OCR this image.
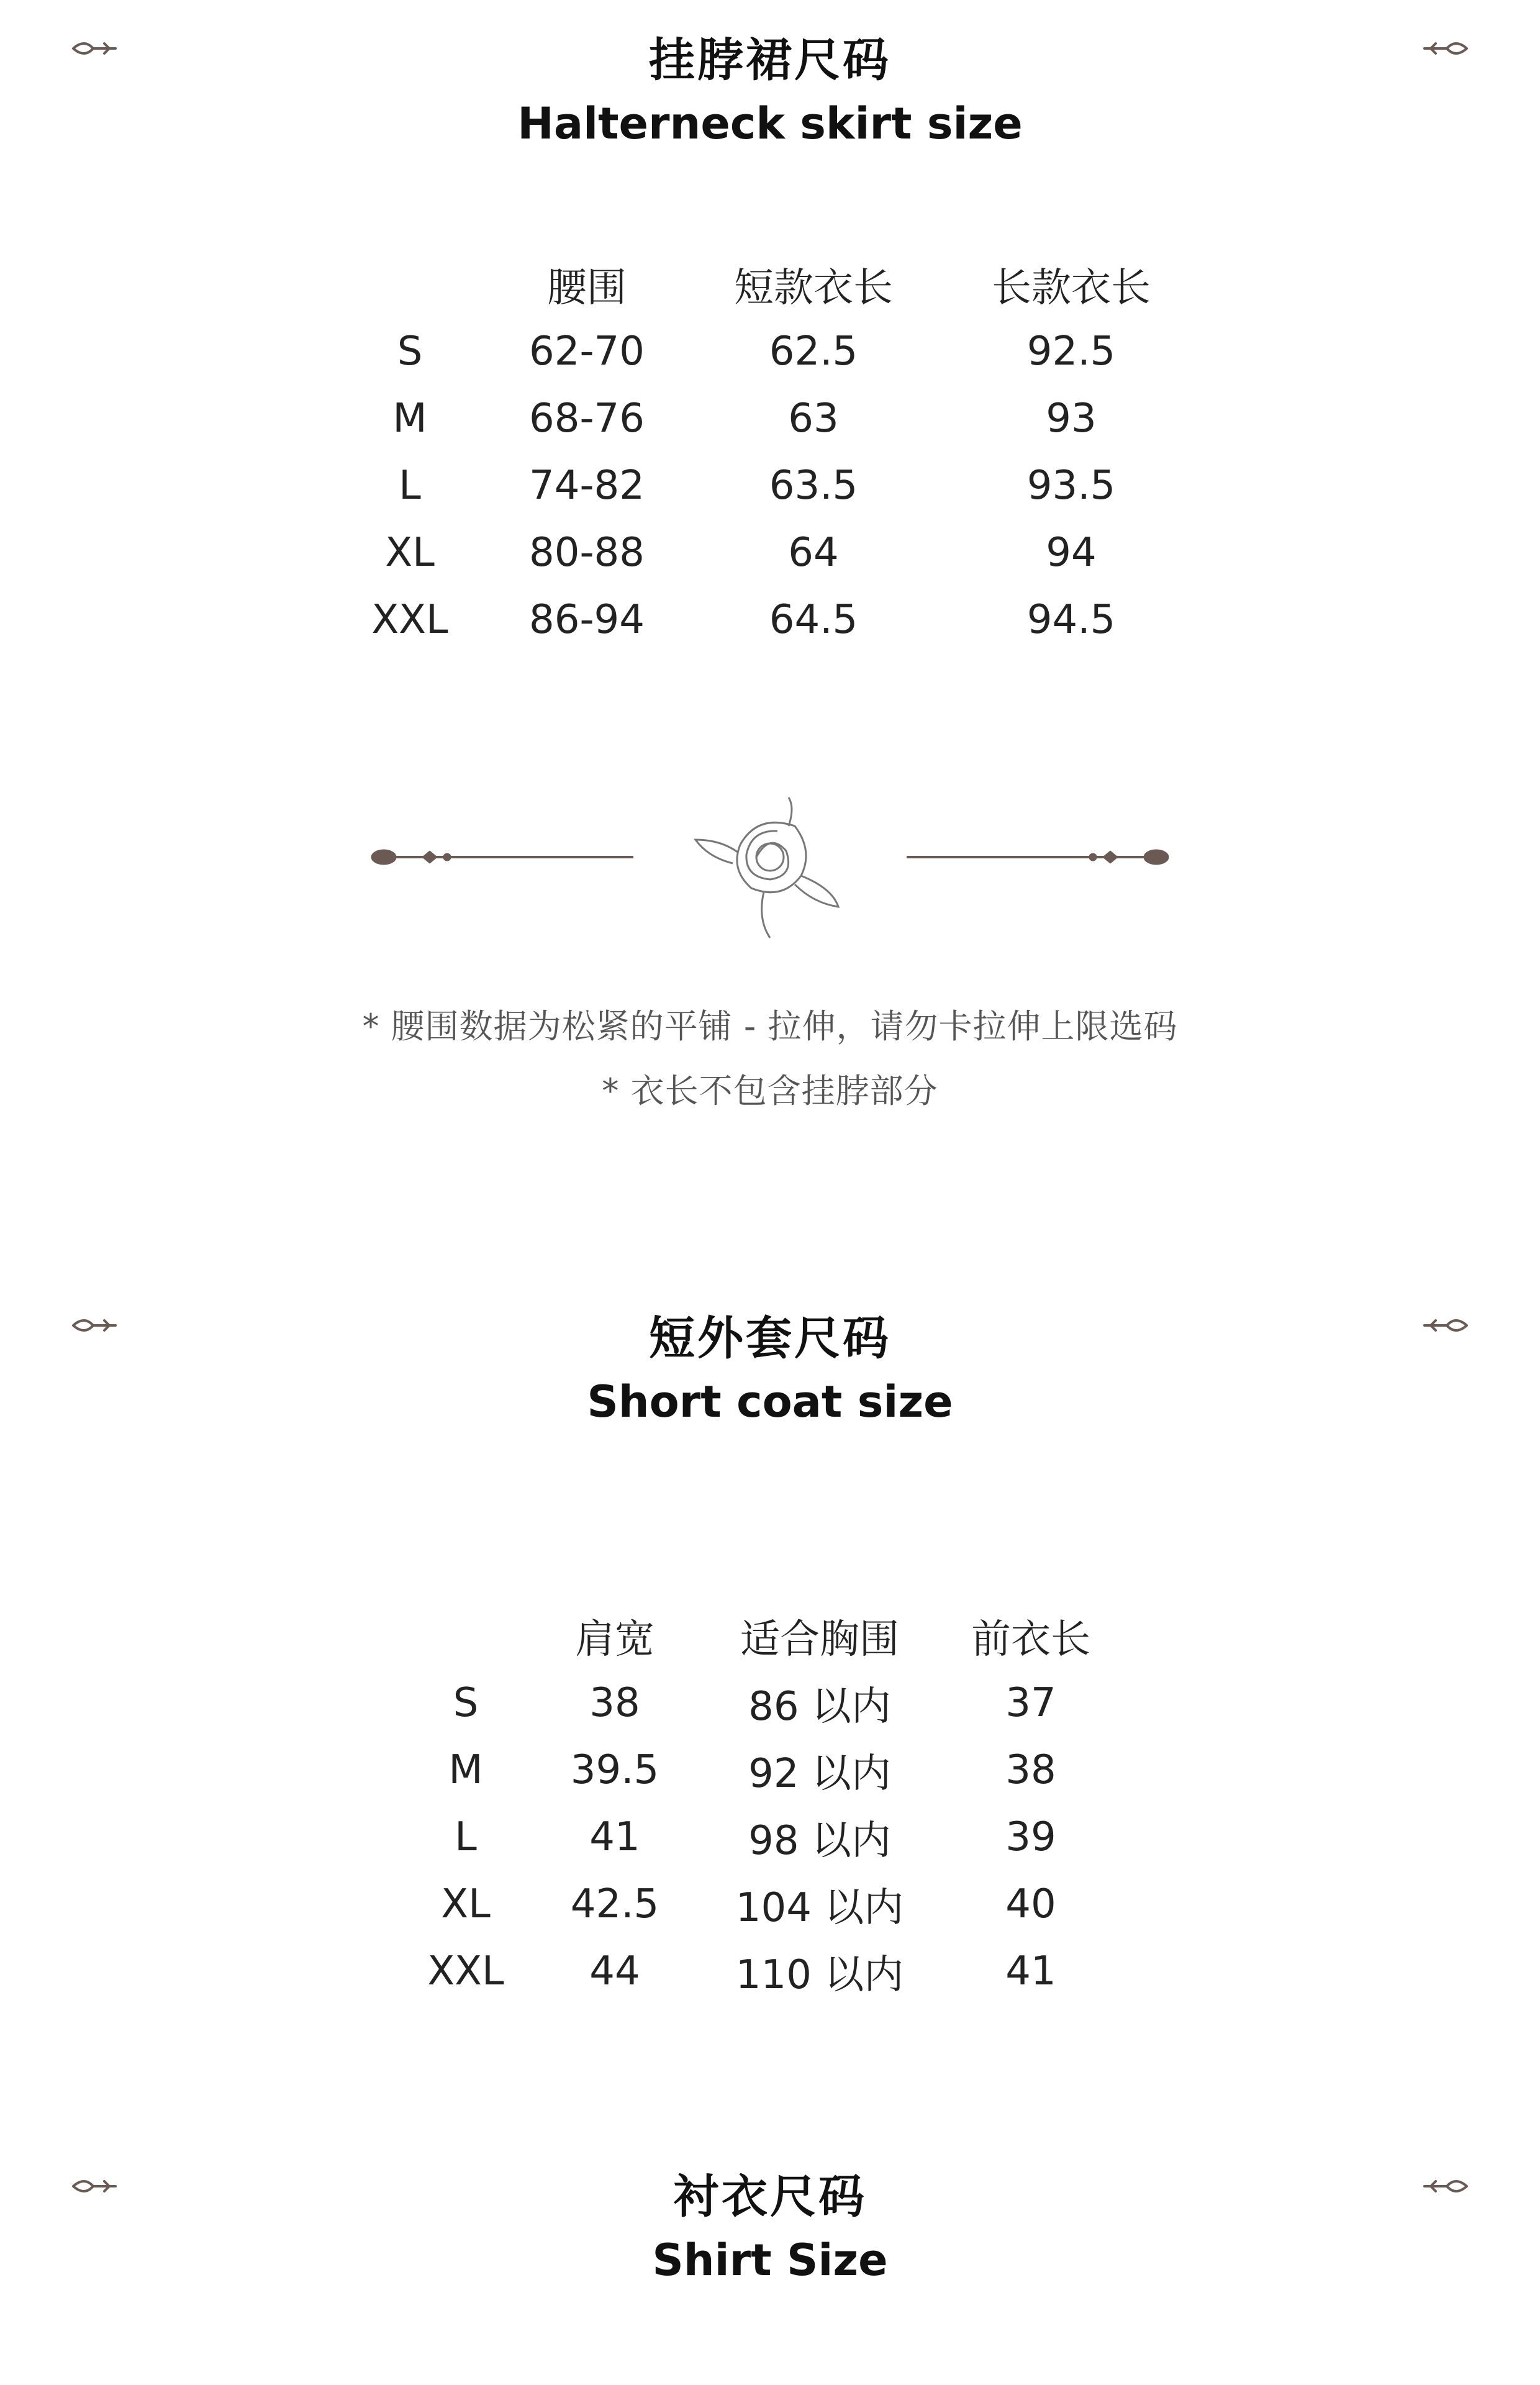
挂脖裙尺码
Halterneck skirt size
	腰围	短款衣长	长款衣长
S	62-70	62.5	92.5
M	68-76	63	93
L	74-82	63.5	93.5
XL	80-88	64	94
XXL	86-94	64.5	94.5
* 腰围数据为松紧的平铺 - 拉伸，请勿卡拉伸上限选码
* 衣长不包含挂脖部分
短外套尺码
Short coat size
	肩宽	适合胸围	前衣长
S	38	86 以内	37
M	39.5	92 以内	38
L	41	98 以内	39
XL	42.5	104 以内	40
XXL	44	110 以内	41
衬衣尺码
Shirt Size
